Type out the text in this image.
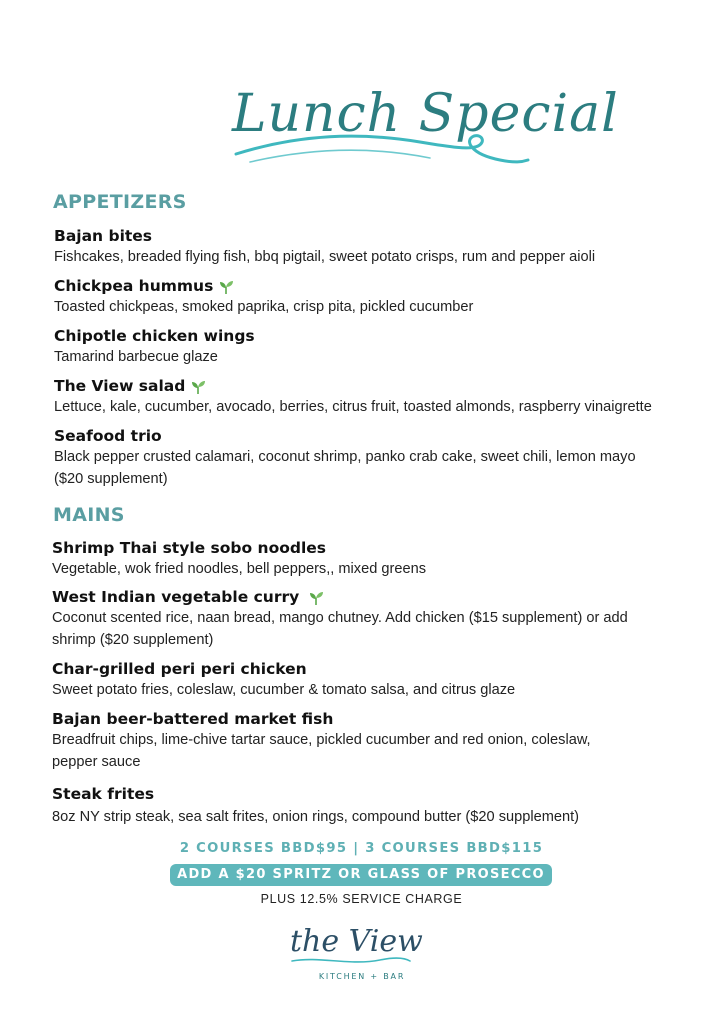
Lunch Special
APPETIZERS
Bajan bites
Fishcakes, breaded flying fish, bbq pigtail, sweet potato crisps, rum and pepper aioli
Chickpea hummus
Toasted chickpeas, smoked paprika, crisp pita, pickled cucumber
Chipotle chicken wings
Tamarind barbecue glaze
The View salad
Lettuce, kale, cucumber, avocado, berries, citrus fruit, toasted almonds, raspberry vinaigrette
Seafood trio
Black pepper crusted calamari, coconut shrimp, panko crab cake, sweet chili, lemon mayo ($20 supplement)
MAINS
Shrimp Thai style sobo noodles
Vegetable, wok fried noodles, bell peppers,, mixed greens
West Indian vegetable curry
Coconut scented rice, naan bread, mango chutney. Add chicken ($15 supplement) or add shrimp ($20 supplement)
Char-grilled peri peri chicken
Sweet potato fries, coleslaw, cucumber & tomato salsa, and citrus glaze
Bajan beer-battered market fish
Breadfruit chips, lime-chive tartar sauce, pickled cucumber and red onion, coleslaw, pepper sauce
Steak frites
8oz NY strip steak, sea salt frites, onion rings, compound butter ($20 supplement)
2 COURSES BBD$95 | 3 COURSES BBD$115
ADD A $20 SPRITZ OR GLASS OF PROSECCO
PLUS 12.5% SERVICE CHARGE
the View
KITCHEN + BAR
